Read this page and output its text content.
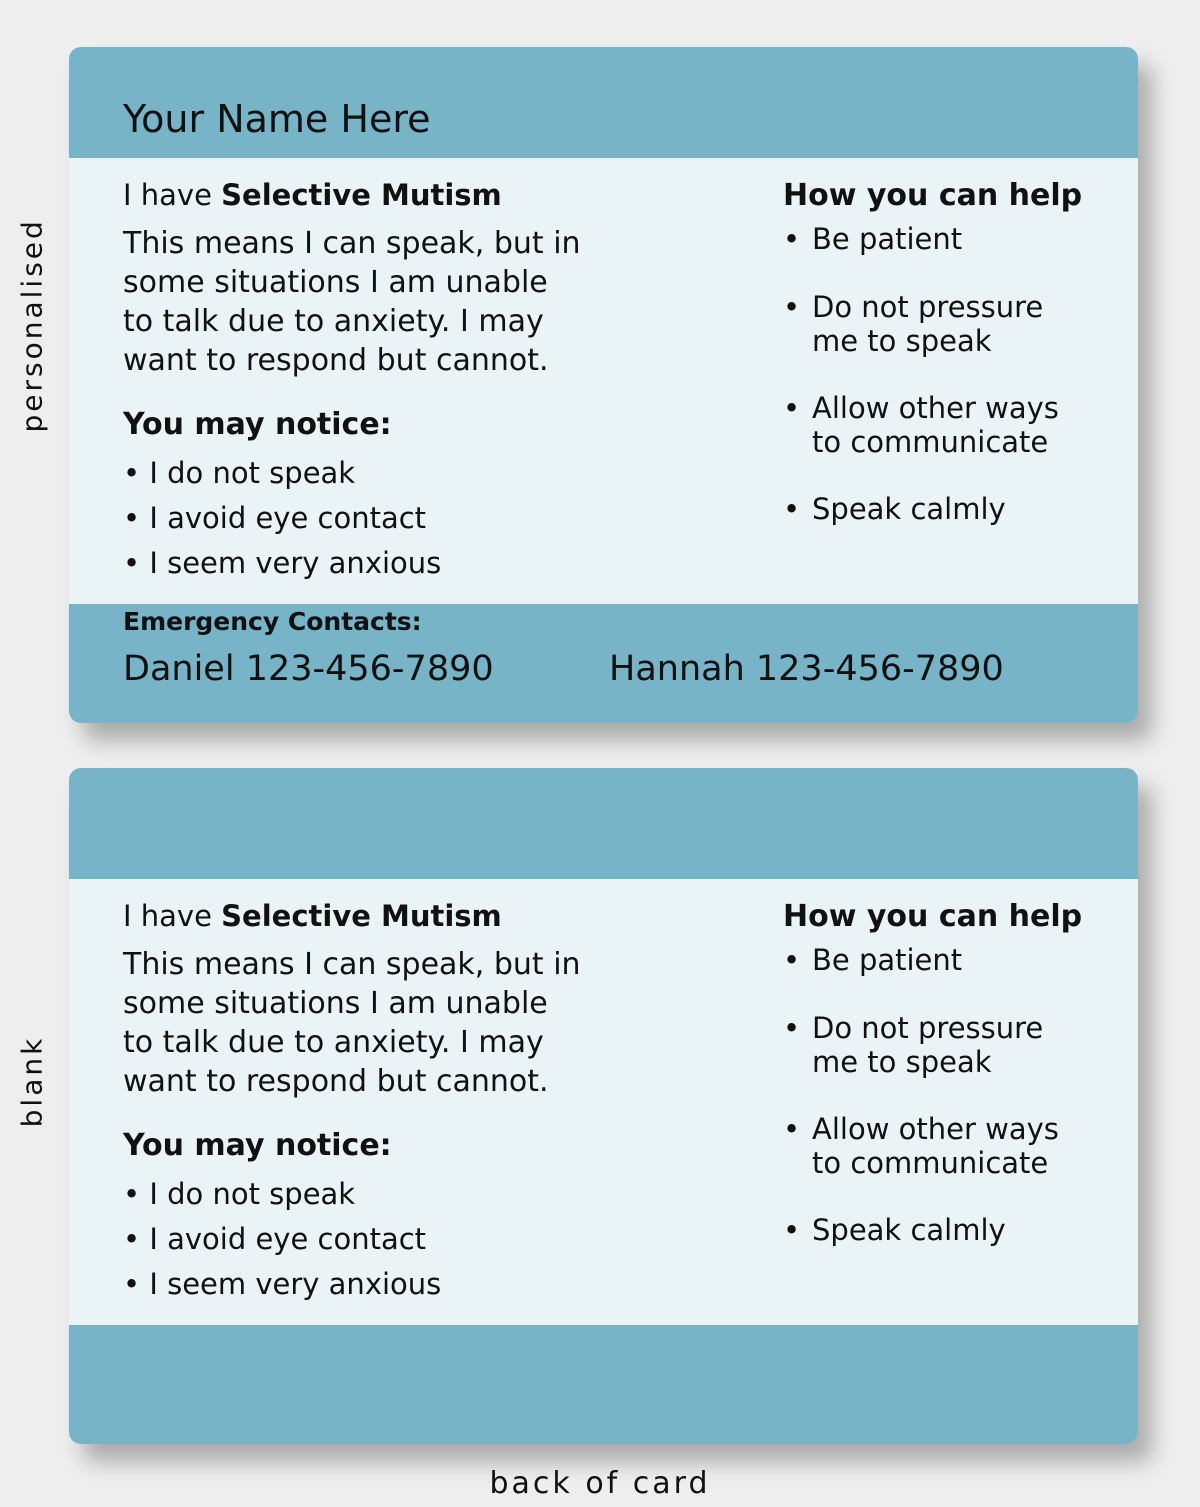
personalised
blank
Your Name Here
I have Selective Mutism
This means I can speak, but in
some situations I am unable
to talk due to anxiety. I may
want to respond but cannot.
You may notice:
• I do not speak
• I avoid eye contact
• I seem very anxious
How you can help
• Be patient
• Do not pressure
me to speak
• Allow other ways
to communicate
• Speak calmly
Emergency Contacts:
Daniel 123-456-7890	Hannah 123-456-7890
I have Selective Mutism
This means I can speak, but in
some situations I am unable
to talk due to anxiety. I may
want to respond but cannot.
You may notice:
• I do not speak
• I avoid eye contact
• I seem very anxious
How you can help
• Be patient
• Do not pressure
me to speak
• Allow other ways
to communicate
• Speak calmly
back of card
